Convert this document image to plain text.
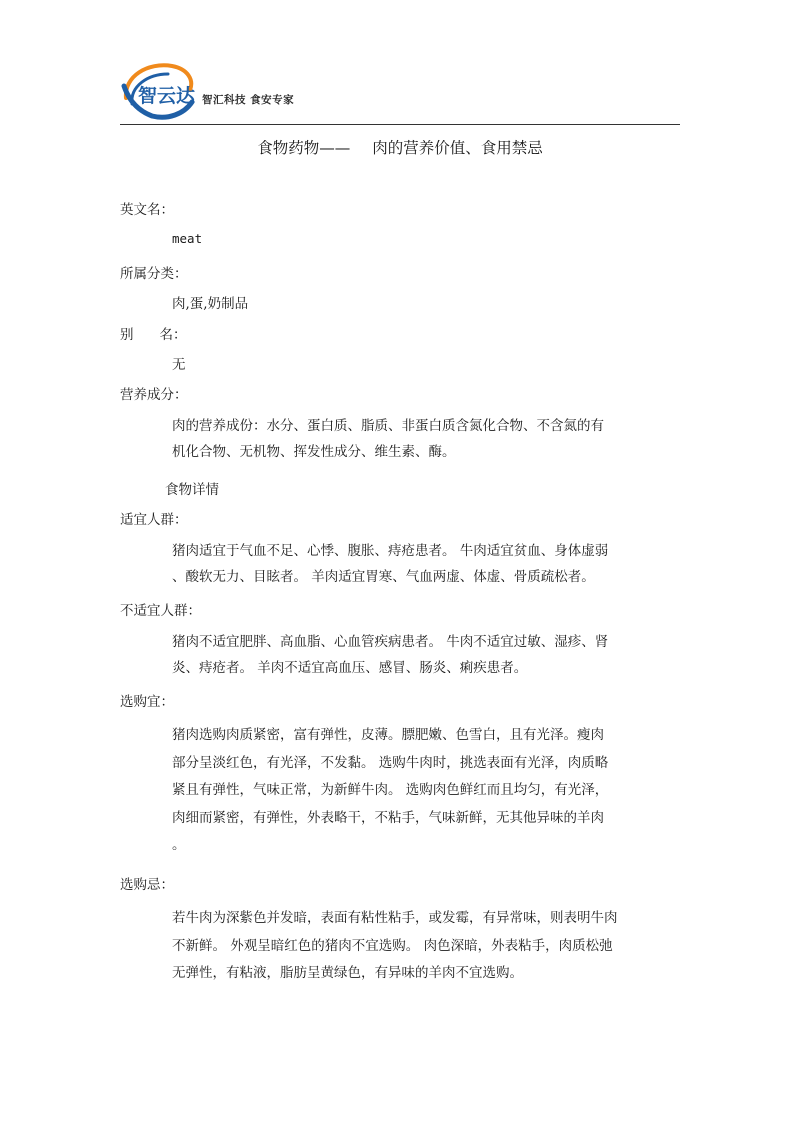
智云达 智汇科技 食安专家
食物药物—— 肉的营养价值、食用禁忌
英文名：
meat
所属分类：
肉,蛋,奶制品
别 名：
无
营养成分：
肉的营养成份：水分、蛋白质、脂质、非蛋白质含氮化合物、不含氮的有
机化合物、无机物、挥发性成分、维生素、酶。
食物详情
适宜人群：
猪肉适宜于气血不足、心悸、腹胀、痔疮患者。 牛肉适宜贫血、身体虚弱
、酸软无力、目眩者。 羊肉适宜胃寒、气血两虚、体虚、骨质疏松者。
不适宜人群：
猪肉不适宜肥胖、高血脂、心血管疾病患者。 牛肉不适宜过敏、湿疹、肾
炎、痔疮者。 羊肉不适宜高血压、感冒、肠炎、痢疾患者。
选购宜：
猪肉选购肉质紧密，富有弹性，皮薄。膘肥嫩、色雪白，且有光泽。瘦肉
部分呈淡红色，有光泽，不发黏。 选购牛肉时，挑选表面有光泽，肉质略
紧且有弹性，气味正常，为新鲜牛肉。 选购肉色鲜红而且均匀，有光泽，
肉细而紧密，有弹性，外表略干，不粘手，气味新鲜，无其他异味的羊肉
。
选购忌：
若牛肉为深紫色并发暗，表面有粘性粘手，或发霉，有异常味，则表明牛肉
不新鲜。 外观呈暗红色的猪肉不宜选购。 肉色深暗，外表粘手，肉质松弛
无弹性，有粘液，脂肪呈黄绿色，有异味的羊肉不宜选购。
